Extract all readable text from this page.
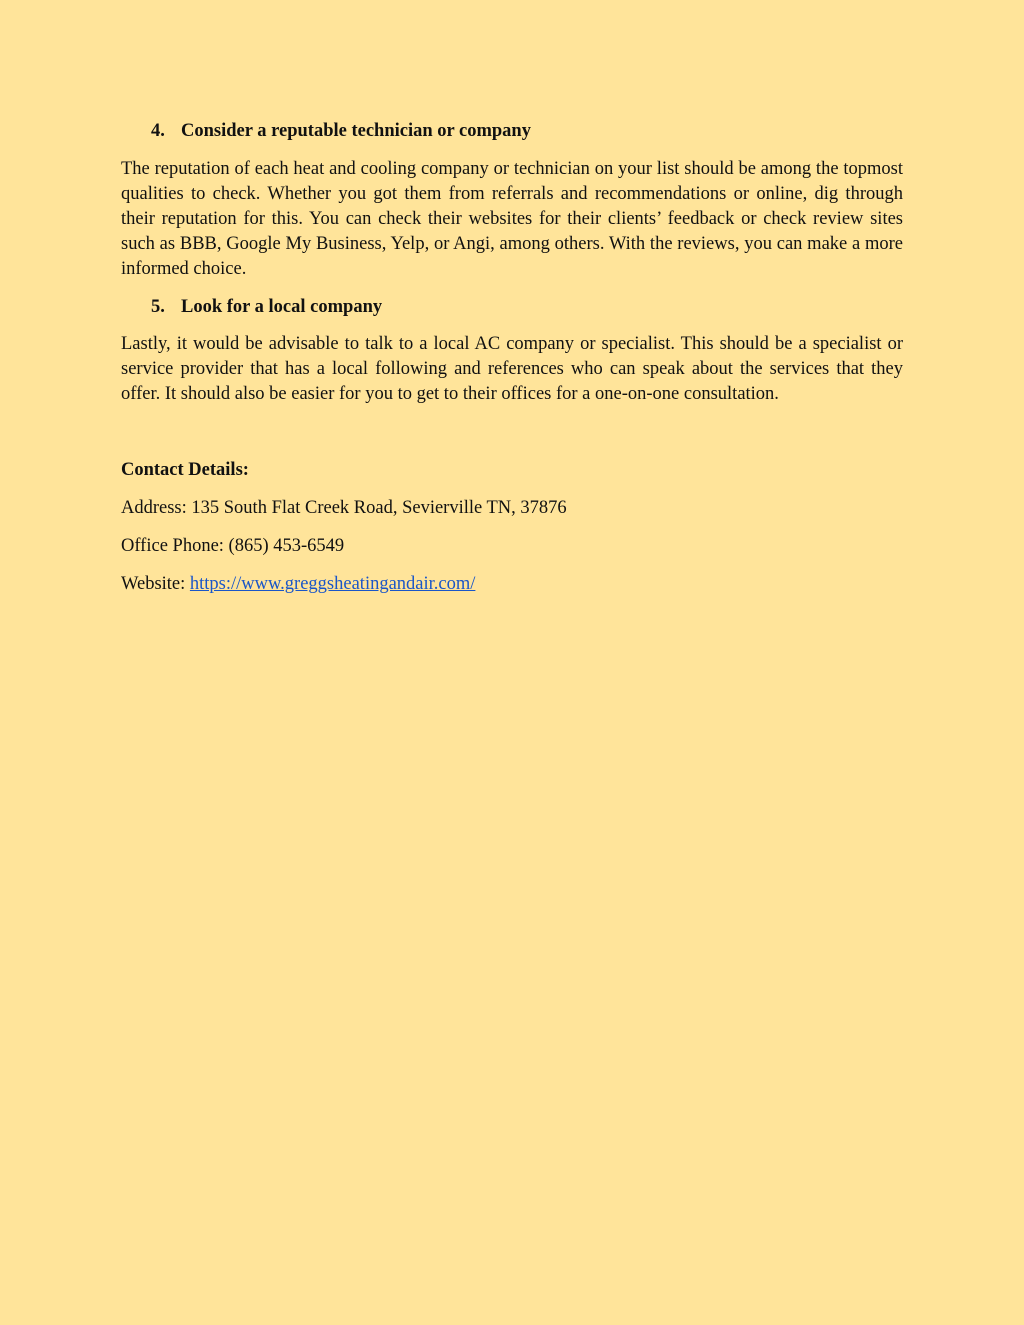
4. Consider a reputable technician or company

The reputation of each heat and cooling company or technician on your list should be among the topmost qualities to check. Whether you got them from referrals and recommendations or online, dig through their reputation for this. You can check their websites for their clients’ feedback or check review sites such as BBB, Google My Business, Yelp, or Angi, among others. With the reviews, you can make a more informed choice.

5. Look for a local company

Lastly, it would be advisable to talk to a local AC company or specialist. This should be a specialist or service provider that has a local following and references who can speak about the services that they offer. It should also be easier for you to get to their offices for a one-on-one consultation.

Contact Details:
Address: 135 South Flat Creek Road, Sevierville TN, 37876
Office Phone: (865) 453-6549
Website: https://www.greggsheatingandair.com/
